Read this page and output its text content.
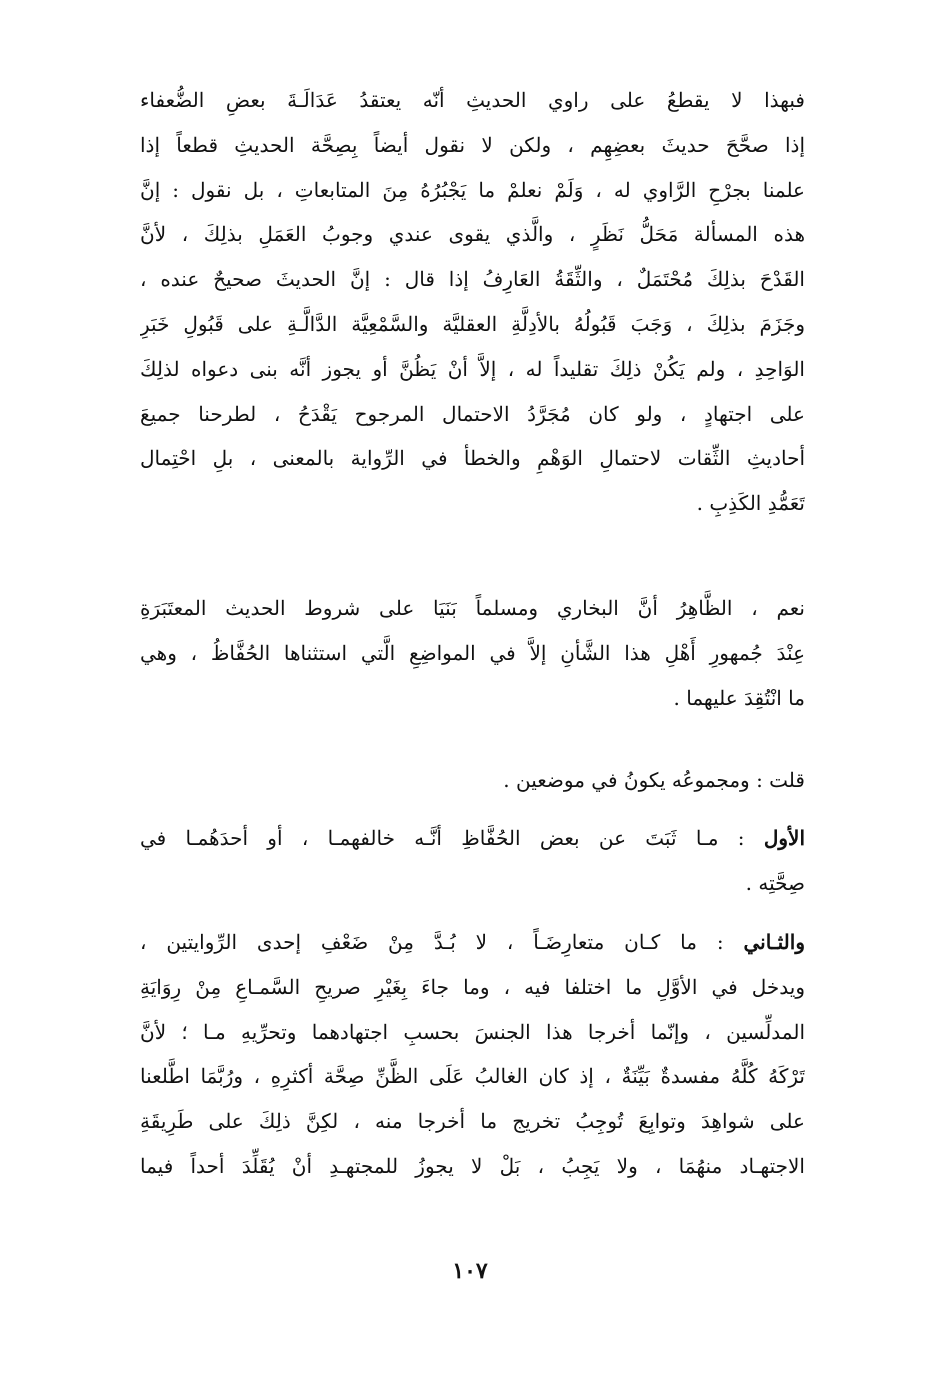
فبهذا لا يقطعُ على راوي الحديثِ أنّه يعتقدُ عَدَالَـةَ بعضِ الضُّعفاء
إذا صحَّحَ حديثَ بعضِهِم ، ولكن لا نقول أيضاً بِصِحَّة الحديثِ قطعاً إذا
علمنا بجرْحِ الرَّاوي له ، وَلَمْ نعلمْ ما يَجْبُرُهُ مِنَ المتابعاتِ ، بل نقول : إنَّ
هذه المسألة مَحَلُّ نَظَرٍ ، والَّذي يقوى عندي وجوبُ العَمَلِ بذلِكَ ، لأنَّ
القَدْحَ بذلِكَ مُحْتَمَلٌ ، والثِّقَةُ العَارِفُ إذا قال : إنَّ الحديثَ صحيحٌ عنده ،
وجَزَمَ بذلِكَ ، وَجَبَ قَبُولُهُ بالأدِلَّةِ العقليَّة والسَّمْعِيَّة الدَّالَّـةِ على قَبُولِ خَبَرِ
الوَاحِدِ ، ولم يَكُنْ ذلِكَ تقليداً له ، إلاَّ أنْ يَظُنَّ أو يجوز أنَّه بنى دعواه لذلِكَ
على اجتهادٍ ، ولو كان مُجَرَّدُ الاحتمال المرجوح يَقْدَحُ ، لطرحنا جميعَ
أحاديثِ الثِّقات لاحتمالِ الوَهْمِ والخطأ في الرِّواية بالمعنى ، بلِ احْتِمال
تَعَمُّدِ الكَذِبِ .
نعم ، الظَّاهِرُ أنَّ البخاري ومسلماً بَنَيَا على شروط الحديث المعتَبَرَةِ
عِنْدَ جُمهورِ أَهْلِ هذا الشَّأنِ إلاَّ في المواضِعِ الَّتي استثناها الحُفَّاظُ ، وهي
ما انْتُقِدَ عليهما .
قلت : ومجموعُه يكونُ في موضعين .
الأول : مـا ثَبَتَ عن بعض الحُفَّاظِ أنَّـه خالفهمـا ، أو أحدَهُمـا في
صِحَّتِه .
والثـاني : ما كـان متعارِضَـاً ، لا بُـدَّ مِنْ ضَعْفِ إحدى الرِّوايتين ،
ويدخل في الأوَّلِ ما اختلفا فيه ، وما جاءَ بِغَيْرِ صريحِ السَّمـاعِ مِنْ رِوَايَةِ
المدلِّسين ، وإنّما أخرجا هذا الجنسَ بحسبِ اجتهادهما وتحرِّيهِ مـا ؛ لأنَّ
تَرْكَهُ كُلَّهُ مفسدةٌ بَيِّنَةٌ ، إذ كان الغالبُ عَلَى الظَّنِّ صِحَّة أكثرِهِ ، ورُبَّمَا اطَّلعنا
على شواهِدَ وتوابِعَ تُوجِبُ تخريج ما أخرجا منه ، لكِنَّ ذلِكَ على طَرِيقَةِ
الاجتهـاد منهُمَا ، ولا يَجِبُ ، بَلْ لا يجوزُ للمجتهـدِ أنْ يُقَلِّدَ أحداً فيما
١٠٧
